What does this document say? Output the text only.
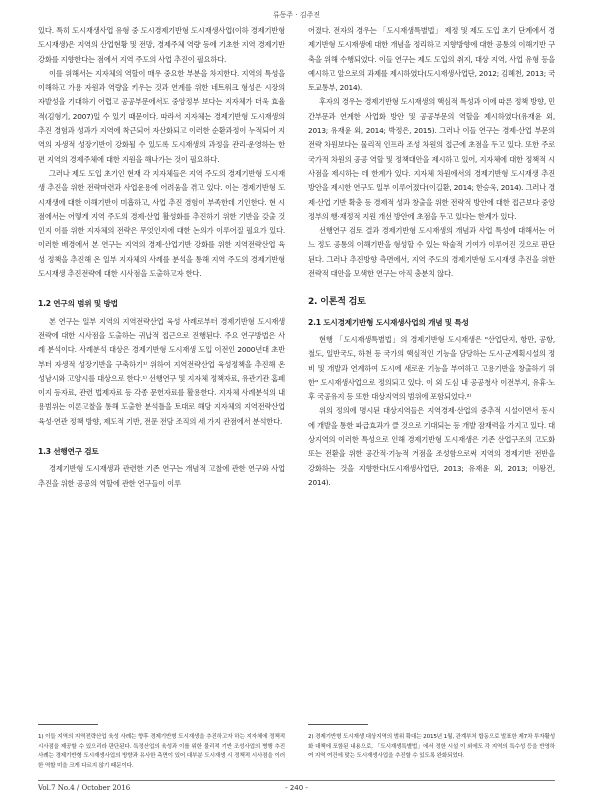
류동주 · 김주진

있다. 특히 도시재생사업 유형 중 도시경제기반형 도시재생사업(이하 경제기반형 도시재생)은 지역의 산업현황 및 전망, 경제주체 역량 등에 기초한 지역 경제기반 강화를 지향한다는 점에서 지역 주도의 사업 추진이 필요하다.

이를 위해서는 지자체의 역할이 매우 중요한 부분을 차지한다. 지역의 특성을 이해하고 가용 자원과 역량을 키우는 것과 연계를 위한 네트워크 형성은 시장의 자발성을 기대하기 어렵고 공공부문에서도 중앙정부 보다는 지자체가 더욱 효율적(김형기, 2007)일 수 있기 때문이다. 따라서 지자체는 경제기반형 도시재생의 추진 경험과 성과가 지역에 착근되어 자산화되고 이러한 순환과정이 누적되어 지역의 자생적 성장기반이 강화될 수 있도록 도시재생의 과정을 관리·운영하는 한편 지역의 경제주체에 대한 지원을 해나가는 것이 필요하다.

그러나 제도 도입 초기인 현재 각 지자체들은 지역 주도의 경제기반형 도시재생 추진을 위한 전략마련과 사업운용에 어려움을 겪고 있다. 이는 경제기반형 도시재생에 대한 이해기반이 미흡하고, 사업 추진 경험이 부족한데 기인한다. 현 시점에서는 어떻게 지역 주도의 경제·산업 활성화를 추진하기 위한 기반을 갖출 것인지 이를 위한 지자체의 전략은 무엇인지에 대한 논의가 이루어질 필요가 있다. 이러한 배경에서 본 연구는 지역의 경제·산업기반 강화를 위한 지역전략산업 육성 정책을 추진해 온 일부 지자체의 사례를 분석을 통해 지역 주도의 경제기반형 도시재생 추진전략에 대한 시사점을 도출하고자 한다.

1.2 연구의 범위 및 방법

본 연구는 일부 지역의 지역전략산업 육성 사례로부터 경제기반형 도시재생 전략에 대한 시사점을 도출하는 귀납적 접근으로 진행된다. 주요 연구방법은 사례 분석이다. 사례분석 대상은 경제기반형 도시재생 도입 이전인 2000년대 초반부터 자생적 성장기반을 구축하기¹⁾ 위하여 지역전략산업 육성정책을 추진해 온 성남시와 고양시를 대상으로 한다.¹⁾ 선행연구 및 지자체 정책자료, 유관기관 홈페이지 등자료, 관련 법제자료 등 각종 문헌자료를 활용한다. 지자체 사례분석의 내용범위는 이론고찰을 통해 도출한 분석틀을 토대로 해당 지자체의 지역전략산업 육성·연관 정책 방향, 제도적 기반, 전문 전담 조직의 세 가지 관점에서 분석한다.

1.3 선행연구 검토

경제기반형 도시재생과 관련한 기존 연구는 개념적 고찰에 관한 연구와 사업추진을 위한 공공의 역할에 관한 연구들이 이루

어졌다. 전자의 경우는 「도시재생특별법」 제정 및 제도 도입 초기 단계에서 경제기반형 도시재생에 대한 개념을 정리하고 지향방향에 대한 공통의 이해기반 구축을 위해 수행되었다. 이들 연구는 제도 도입의 취지, 대상 지역, 사업 유형 등을 예시하고 앞으로의 과제를 제시하였다(도시재생사업단, 2012; 김혜천, 2013; 국토교통부, 2014).

후자의 경우는 경제기반형 도시재생의 핵심적 특성과 이에 따른 정책 방향, 민간부문과 연계한 사업화 방안 및 공공부문의 역할을 제시하였다(유재윤 외, 2013; 유재윤 외, 2014; 박정은, 2015). 그러나 이들 연구는 경제·산업 부문의 전략 차원보다는 물리적 인프라 조성 차원의 접근에 초점을 두고 있다. 또한 주로 국가적 차원의 공공 역할 및 정책대안을 제시하고 있어, 지자체에 대한 정책적 시사점을 제시하는 데 한계가 있다. 지자체 차원에서의 경제기반형 도시재생 추진 방안을 제시한 연구도 일부 이루어졌다(이길환, 2014; 한승욱, 2014). 그러나 경제·산업 기반 확충 등 경제적 성과 창출을 위한 전략적 방안에 대한 접근보다 중앙정부의 행·재정적 지원 개선 방안에 초점을 두고 있다는 한계가 있다.

선행연구 검토 결과 경제기반형 도시재생의 개념과 사업 특성에 대해서는 어느 정도 공통의 이해기반을 형성할 수 있는 학술적 기여가 이루어진 것으로 판단된다. 그러나 추진방향 측면에서, 지역 주도의 경제기반형 도시재생 추진을 위한 전략적 대안을 모색한 연구는 아직 충분치 않다.

2. 이론적 검토
2.1 도시경제기반형 도시재생사업의 개념 및 특성

현행 「도시재생특별법」의 경제기반형 도시재생은 "산업단지, 항만, 공항, 철도, 일반국도, 하천 등 국가의 핵심적인 기능을 담당하는 도시·군계획시설의 정비 및 개발과 연계하여 도시에 새로운 기능을 부여하고 고용기반을 창출하기 위한" 도시재생사업으로 정의되고 있다. 이 외 도심 내 공공청사 이전부지, 유휴·노후 국공유지 등 또한 대상지역의 범위에 포함되었다.²⁾

위의 정의에 명시된 대상지역들은 지역경제·산업의 중추적 시설이면서 동시에 개발을 통한 파급효과가 클 것으로 기대되는 등 개발 잠재력을 가지고 있다. 대상지역의 이러한 특성으로 인해 경제기반형 도시재생은 기존 산업구조의 고도화 또는 전환을 위한 공간적·기능적 거점을 조성함으로써 지역의 경제기반 전반을 강화하는 것을 지향한다(도시재생사업단, 2013; 유재윤 외, 2013; 이왕건, 2014).

1) 이들 지역의 지역전략산업 육성 사례는 향후 경제기반형 도시재생을 추진하고자 하는 지자체에 정책적 시사점을 제공할 수 있으리라 판단된다. 특정산업의 육성과 이를 위한 물리적 기반 조성사업의 병행 추진 사례는 경제기반형 도시재생사업의 방향과 유사한 측면이 있어 대부분 도시재생 시 정책적 시사점을 이러한 역할 미을 크게 다르지 않기 때문이다.
2) 경제기반형 도시재생 대상지역의 범위 확대는 2015년 1월, 관계부처 합동으로 발표한 제7차 투자활성화 대책에 포함된 내용으로, 「도시재생특별법」에서 정한 시설 이 외에도 각 지역의 특수성 등을 반영하여 지역 여건에 맞는 도시재생사업을 추진할 수 있도록 완화되었다.
Vol.7 No.4 / October 2016	- 240 -
